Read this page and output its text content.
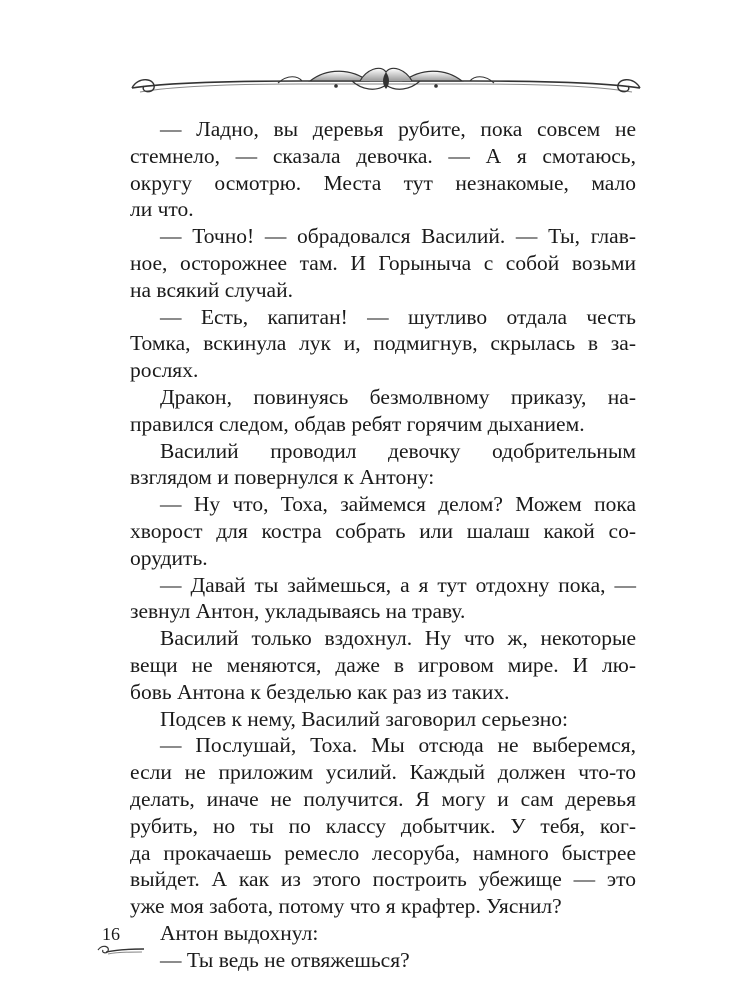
— Ладно, вы деревья рубите, пока совсем не
стемнело, — сказала девочка. — А я смотаюсь,
округу осмотрю. Места тут незнакомые, мало
ли что.
— Точно! — обрадовался Василий. — Ты, глав-
ное, осторожнее там. И Горыныча с собой возьми
на всякий случай.
— Есть, капитан! — шутливо отдала честь
Томка, вскинула лук и, подмигнув, скрылась в за-
рослях.
Дракон, повинуясь безмолвному приказу, на-
правился следом, обдав ребят горячим дыханием.
Василий проводил девочку одобрительным
взглядом и повернулся к Антону:
— Ну что, Тоха, займемся делом? Можем пока
хворост для костра собрать или шалаш какой со-
орудить.
— Давай ты займешься, а я тут отдохну пока, —
зевнул Антон, укладываясь на траву.
Василий только вздохнул. Ну что ж, некоторые
вещи не меняются, даже в игровом мире. И лю-
бовь Антона к безделью как раз из таких.
Подсев к нему, Василий заговорил серьезно:
— Послушай, Тоха. Мы отсюда не выберемся,
если не приложим усилий. Каждый должен что-то
делать, иначе не получится. Я могу и сам деревья
рубить, но ты по классу добытчик. У тебя, ког-
да прокачаешь ремесло лесоруба, намного быстрее
выйдет. А как из этого построить убежище — это
уже моя забота, потому что я крафтер. Уяснил?
Антон выдохнул:
— Ты ведь не отвяжешься?
16
